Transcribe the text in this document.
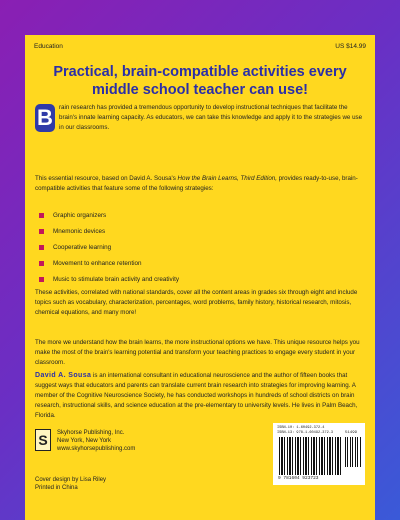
Education	US $14.99
Practical, brain-compatible activities every middle school teacher can use!
B rain research has provided a tremendous opportunity to develop instructional techniques that facilitate the brain's innate learning capacity. As educators, we can take this knowledge and apply it to the strategies we use in our classrooms.
This essential resource, based on David A. Sousa's How the Brain Learns, Third Edition, provides ready-to-use, brain-compatible activities that feature some of the following strategies:
Graphic organizers
Mnemonic devices
Cooperative learning
Movement to enhance retention
Music to stimulate brain activity and creativity
These activities, correlated with national standards, cover all the content areas in grades six through eight and include topics such as vocabulary, characterization, percentages, word problems, family history, historical research, mitosis, chemical equations, and many more!
The more we understand how the brain learns, the more instructional options we have. This unique resource helps you make the most of the brain's learning potential and transform your teaching practices to engage every student in your classroom.
David A. Sousa is an international consultant in educational neuroscience and the author of fifteen books that suggest ways that educators and parents can translate current brain research into strategies for improving learning. A member of the Cognitive Neuroscience Society, he has conducted workshops in hundreds of school districts on brain research, instructional skills, and science education at the pre-elementary to university levels. He lives in Palm Beach, Florida.
S	Skyhorse Publishing, Inc.
New York, New York
www.skyhorsepublishing.com
Cover design by Lisa Riley
Printed in China
ISBN-10: 1-60492-372-4
ISBN-13: 978-1-60492-372-3	51499
9 781604 923723
